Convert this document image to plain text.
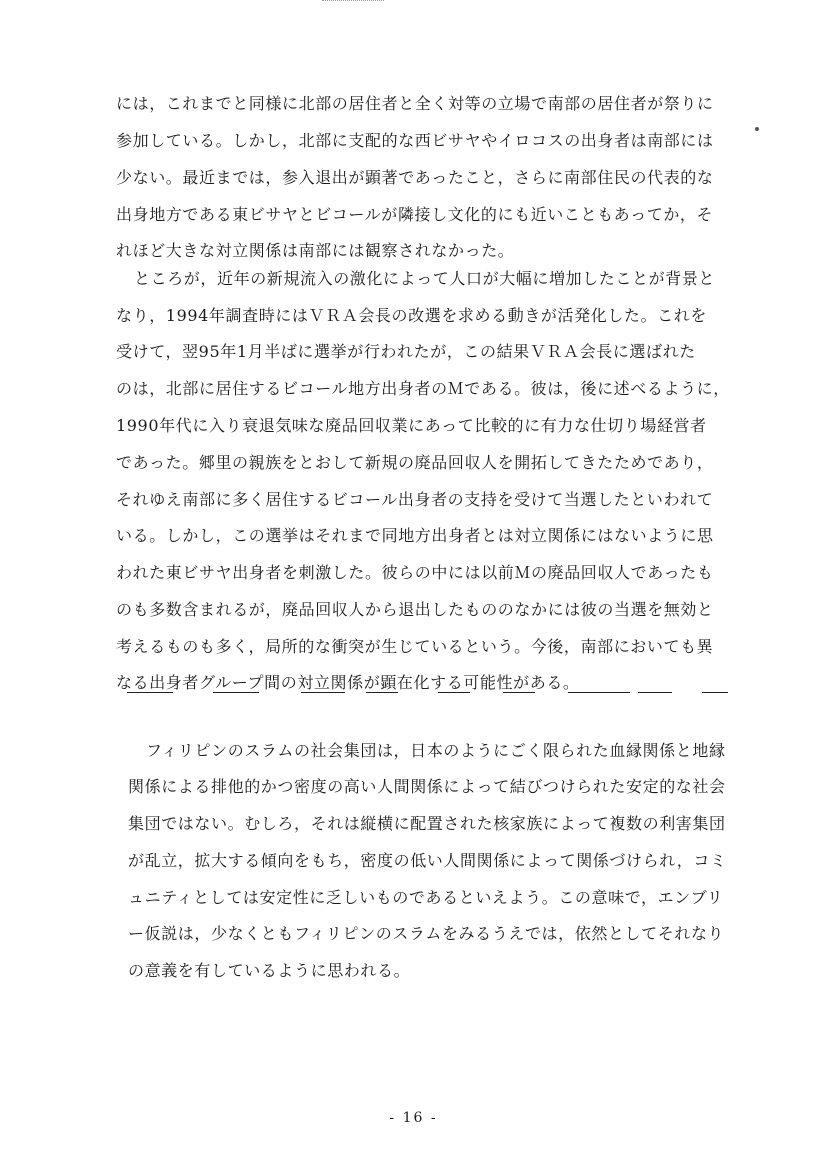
には，これまでと同様に北部の居住者と全く対等の立場で南部の居住者が祭りに
参加している。しかし，北部に支配的な西ビサヤやイロコスの出身者は南部には
少ない。最近までは，参入退出が顕著であったこと，さらに南部住民の代表的な
出身地方である東ビサヤとビコールが隣接し文化的にも近いこともあってか，そ
れほど大きな対立関係は南部には観察されなかった。
ところが，近年の新規流入の激化によって人口が大幅に増加したことが背景と
なり，1994年調査時にはＶＲＡ会長の改選を求める動きが活発化した。これを
受けて，翌95年1月半ばに選挙が行われたが，この結果ＶＲＡ会長に選ばれた
のは，北部に居住するビコール地方出身者のＭである。彼は，後に述べるように，
1990年代に入り衰退気味な廃品回収業にあって比較的に有力な仕切り場経営者
であった。郷里の親族をとおして新規の廃品回収人を開拓してきたためであり，
それゆえ南部に多く居住するビコール出身者の支持を受けて当選したといわれて
いる。しかし，この選挙はそれまで同地方出身者とは対立関係にはないように思
われた東ビサヤ出身者を刺激した。彼らの中には以前Ｍの廃品回収人であったも
のも多数含まれるが，廃品回収人から退出したもののなかには彼の当選を無効と
考えるものも多く，局所的な衝突が生じているという。今後，南部においても異
なる出身者グループ間の対立関係が顕在化する可能性がある。
フィリピンのスラムの社会集団は，日本のようにごく限られた血縁関係と地縁
関係による排他的かつ密度の高い人間関係によって結びつけられた安定的な社会
集団ではない。むしろ，それは縦横に配置された核家族によって複数の利害集団
が乱立，拡大する傾向をもち，密度の低い人間関係によって関係づけられ，コミ
ュニティとしては安定性に乏しいものであるといえよう。この意味で，エンブリ
ー仮説は，少なくともフィリピンのスラムをみるうえでは，依然としてそれなり
の意義を有しているように思われる。
- 16 -
